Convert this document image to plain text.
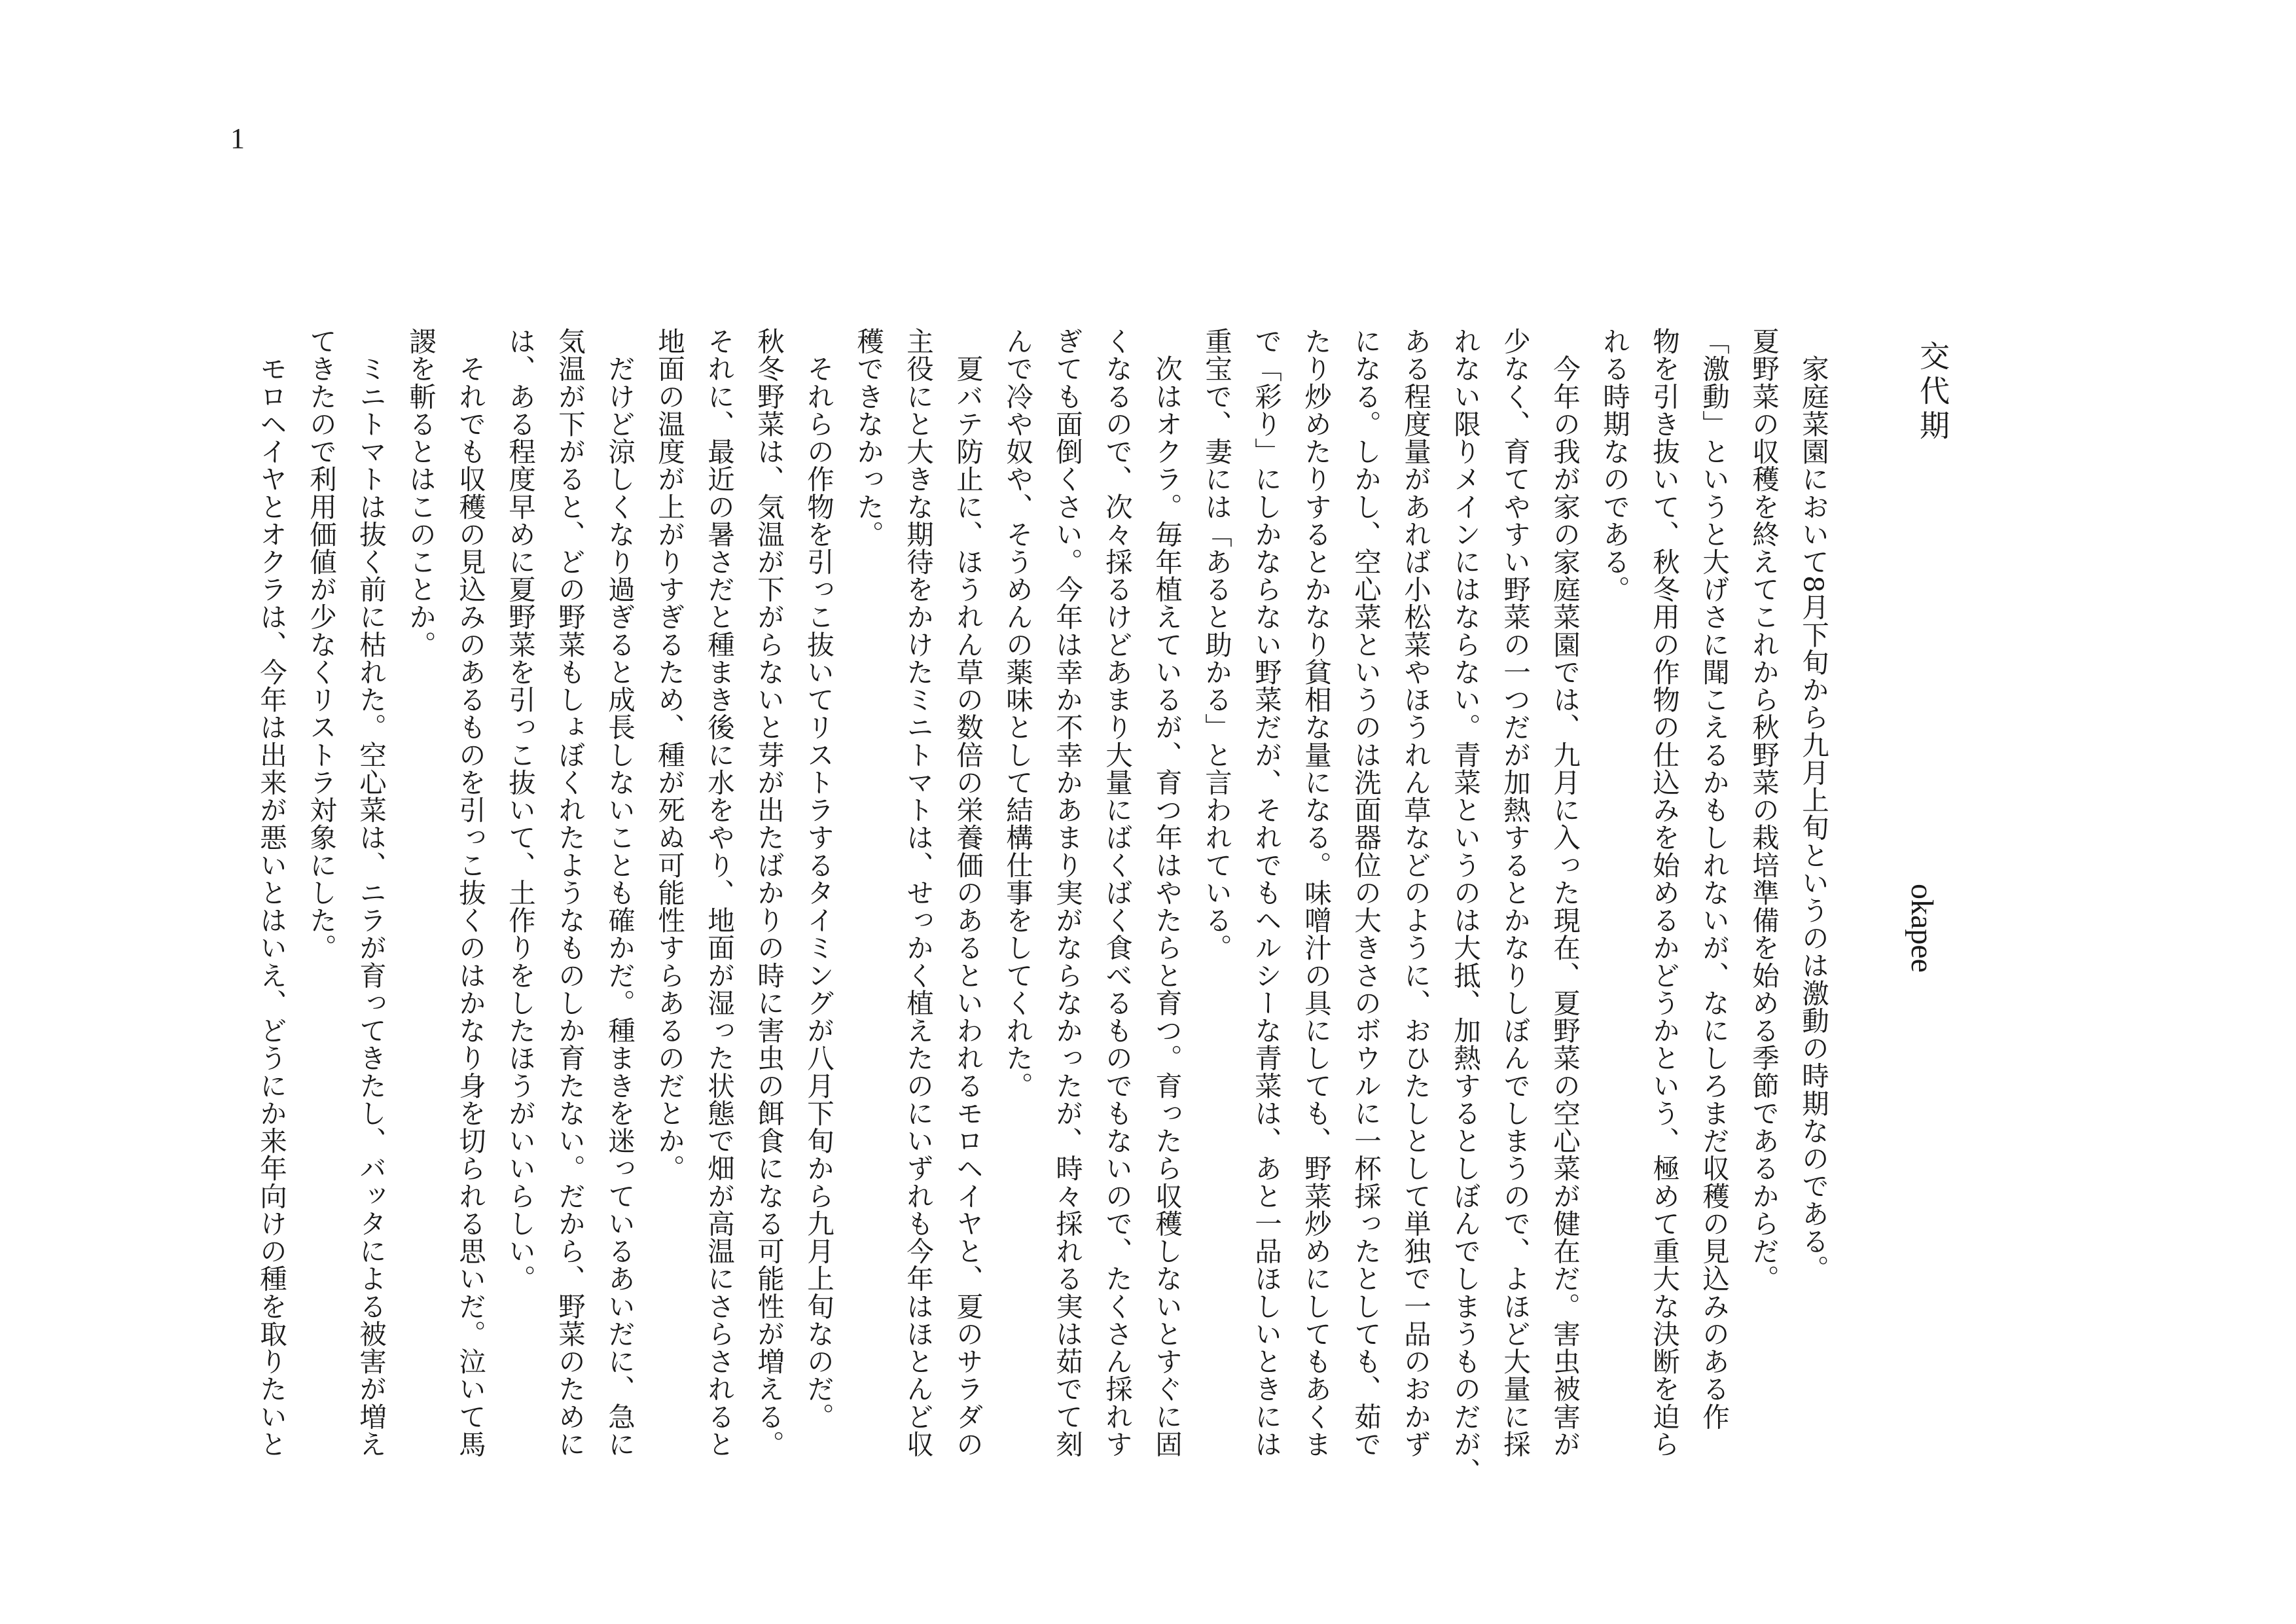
1
交代期
okapee
　家庭菜園において8月下旬から九月上旬というのは激動の時期なのである。
夏野菜の収穫を終えてこれから秋野菜の栽培準備を始める季節であるからだ。
「激動」というと大げさに聞こえるかもしれないが、なにしろまだ収穫の見込みのある作
物を引き抜いて、秋冬用の作物の仕込みを始めるかどうかという、極めて重大な決断を迫ら
れる時期なのである。
　今年の我が家の家庭菜園では、九月に入った現在、夏野菜の空心菜が健在だ。害虫被害が
少なく、育てやすい野菜の一つだが加熱するとかなりしぼんでしまうので、よほど大量に採
れない限りメインにはならない。青菜というのは大抵、加熱するとしぼんでしまうものだが、
ある程度量があれば小松菜やほうれん草などのように、おひたしとして単独で一品のおかず
になる。しかし、空心菜というのは洗面器位の大きさのボウルに一杯採ったとしても、茹で
たり炒めたりするとかなり貧相な量になる。味噌汁の具にしても、野菜炒めにしてもあくま
で「彩り」にしかならない野菜だが、それでもヘルシーな青菜は、あと一品ほしいときには
重宝で、妻には「あると助かる」と言われている。
　次はオクラ。毎年植えているが、育つ年はやたらと育つ。育ったら収穫しないとすぐに固
くなるので、次々採るけどあまり大量にばくばく食べるものでもないので、たくさん採れす
ぎても面倒くさい。今年は幸か不幸かあまり実がならなかったが、時々採れる実は茹でて刻
んで冷や奴や、そうめんの薬味として結構仕事をしてくれた。
　夏バテ防止に、ほうれん草の数倍の栄養価のあるといわれるモロヘイヤと、夏のサラダの
主役にと大きな期待をかけたミニトマトは、せっかく植えたのにいずれも今年はほとんど収
穫できなかった。
　それらの作物を引っこ抜いてリストラするタイミングが八月下旬から九月上旬なのだ。
秋冬野菜は、気温が下がらないと芽が出たばかりの時に害虫の餌食になる可能性が増える。
それに、最近の暑さだと種まき後に水をやり、地面が湿った状態で畑が高温にさらされると
地面の温度が上がりすぎるため、種が死ぬ可能性すらあるのだとか。
　だけど涼しくなり過ぎると成長しないことも確かだ。種まきを迷っているあいだに、急に
気温が下がると、どの野菜もしょぼくれたようなものしか育たない。だから、野菜のために
は、ある程度早めに夏野菜を引っこ抜いて、土作りをしたほうがいいらしい。
　それでも収穫の見込みのあるものを引っこ抜くのはかなり身を切られる思いだ。泣いて馬
謖を斬るとはこのことか。
　ミニトマトは抜く前に枯れた。空心菜は、ニラが育ってきたし、バッタによる被害が増え
てきたので利用価値が少なくリストラ対象にした。
　モロヘイヤとオクラは、今年は出来が悪いとはいえ、どうにか来年向けの種を取りたいと
